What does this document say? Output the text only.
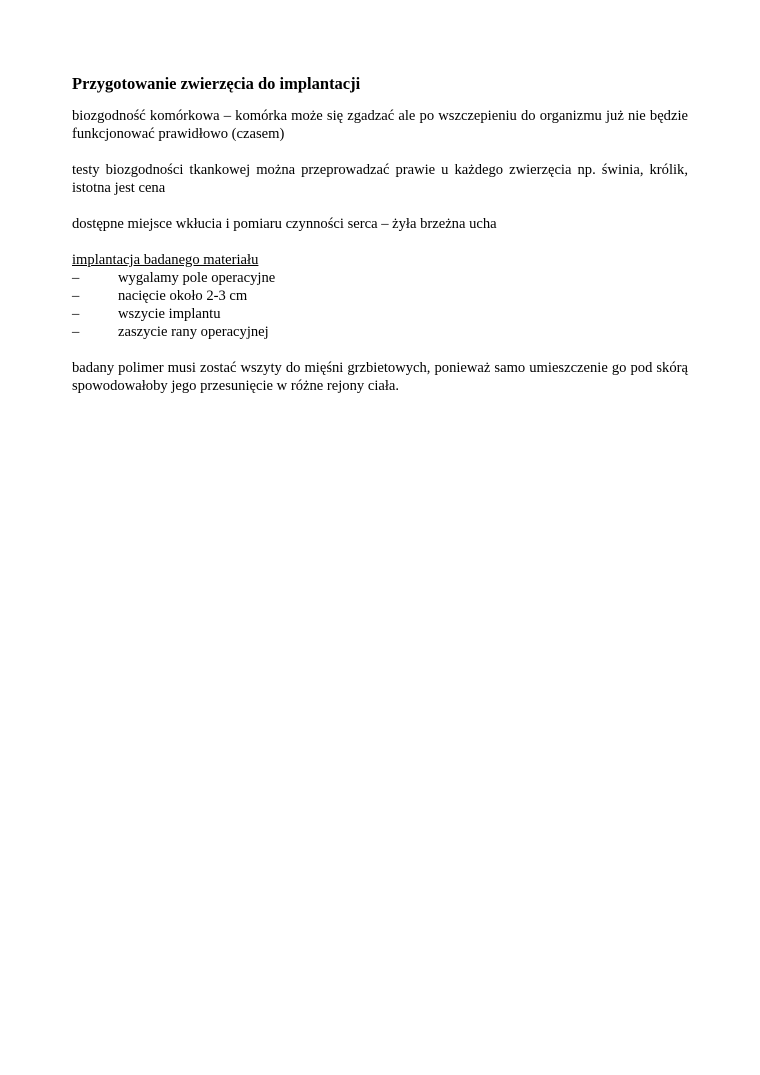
Przygotowanie zwierzęcia do implantacji

biozgodność komórkowa – komórka może się zgadzać ale po wszczepieniu do organizmu już nie będzie funkcjonować prawidłowo (czasem)

testy biozgodności tkankowej można przeprowadzać prawie u każdego zwierzęcia np. świnia, królik, istotna jest cena

dostępne miejsce wkłucia i pomiaru czynności serca – żyła brzeżna ucha

implantacja badanego materiału
–	wygalamy pole operacyjne
–	nacięcie około 2-3 cm
–	wszycie implantu
–	zaszycie rany operacyjnej

badany polimer musi zostać wszyty do mięśni grzbietowych, ponieważ samo umieszczenie go pod skórą spowodowałoby jego przesunięcie w różne rejony ciała.
